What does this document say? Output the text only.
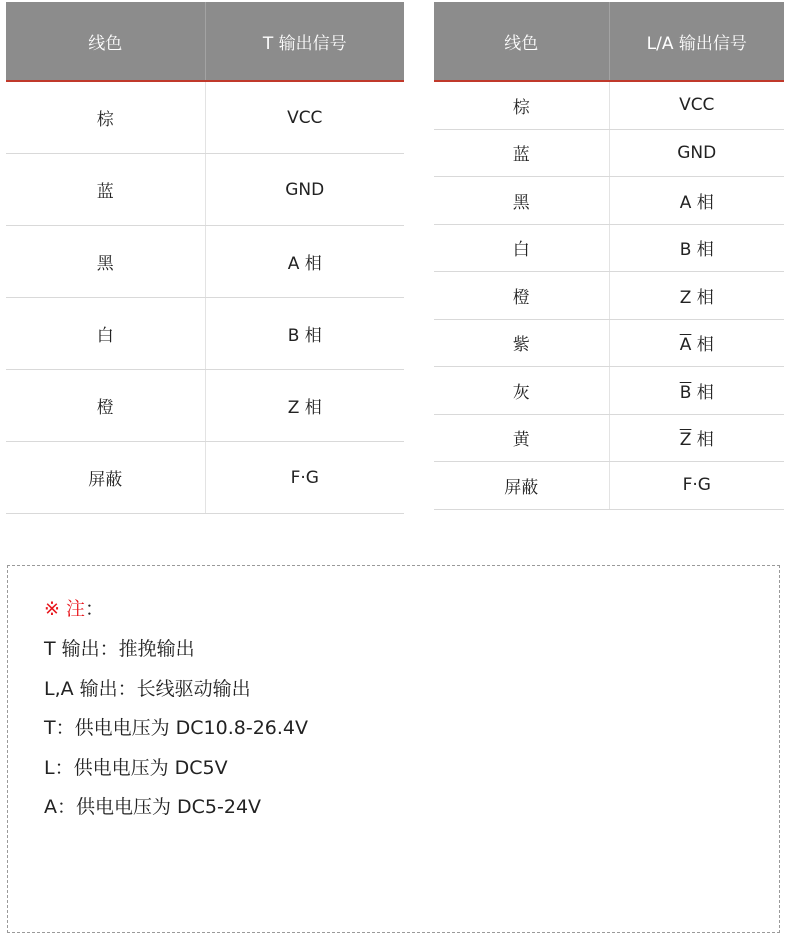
线色	T 输出信号
棕	VCC
蓝	GND
黑	A 相
白	B 相
橙	Z 相
屏蔽	F·G
线色	L/A 输出信号
棕	VCC
蓝	GND
黑	A 相
白	B 相
橙	Z 相
紫	$\overline{A}$ 相
灰	$\overline{B}$ 相
黄	$\overline{Z}$ 相
屏蔽	F·G
※ 注：
T 输出：推挽输出
L,A 输出：长线驱动输出
T：供电电压为 DC10.8-26.4V
L：供电电压为 DC5V
A：供电电压为 DC5-24V
